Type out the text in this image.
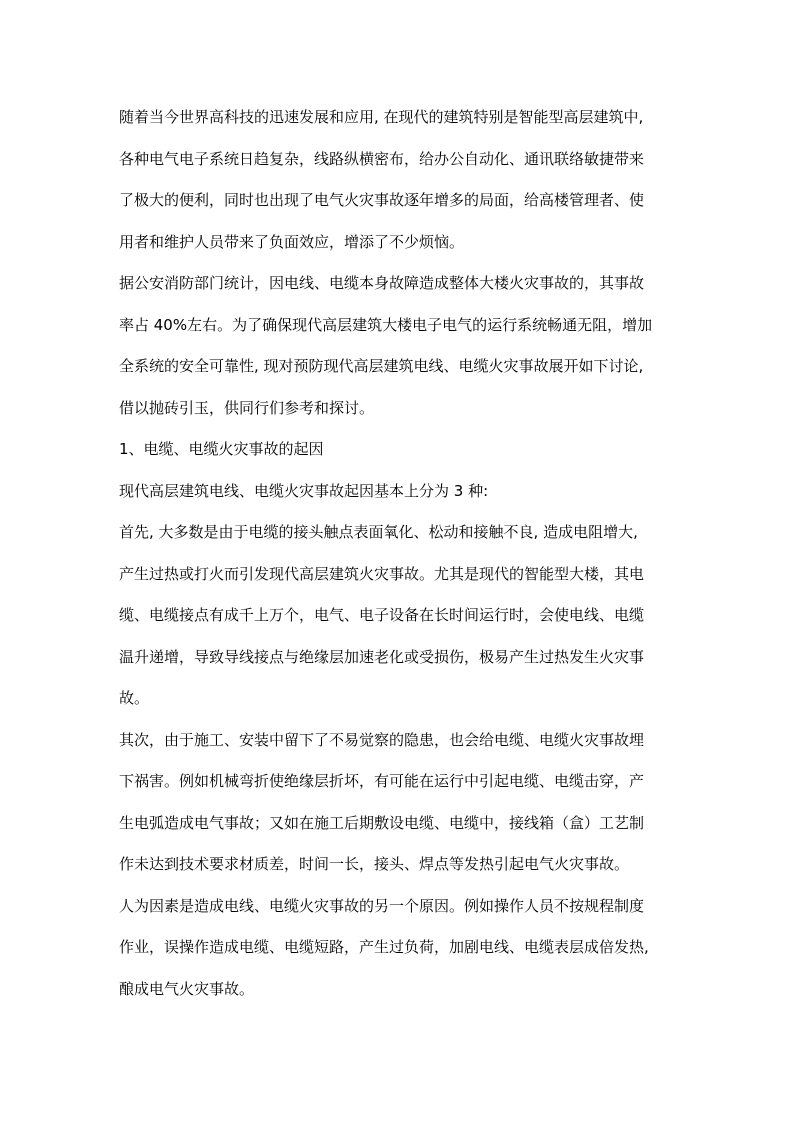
随着当今世界高科技的迅速发展和应用, 在现代的建筑特别是智能型高层建筑中,
各种电气电子系统日趋复杂，线路纵横密布，给办公自动化、通讯联络敏捷带来
了极大的便利，同时也出现了电气火灾事故逐年增多的局面，给高楼管理者、使
用者和维护人员带来了负面效应，增添了不少烦恼。
据公安消防部门统计，因电线、电缆本身故障造成整体大楼火灾事故的，其事故
率占 40%左右。为了确保现代高层建筑大楼电子电气的运行系统畅通无阻，增加
全系统的安全可靠性, 现对预防现代高层建筑电线、电缆火灾事故展开如下讨论,
借以抛砖引玉，供同行们参考和探讨。
1、电缆、电缆火灾事故的起因
现代高层建筑电线、电缆火灾事故起因基本上分为 3 种:
首先, 大多数是由于电缆的接头触点表面氧化、松动和接触不良, 造成电阻增大,
产生过热或打火而引发现代高层建筑火灾事故。尤其是现代的智能型大楼，其电
缆、电缆接点有成千上万个，电气、电子设备在长时间运行时，会使电线、电缆
温升递增，导致导线接点与绝缘层加速老化或受损伤，极易产生过热发生火灾事
故。
其次，由于施工、安装中留下了不易觉察的隐患，也会给电缆、电缆火灾事故埋
下祸害。例如机械弯折使绝缘层折坏，有可能在运行中引起电缆、电缆击穿，产
生电弧造成电气事故；又如在施工后期敷设电缆、电缆中，接线箱（盒）工艺制
作未达到技术要求材质差，时间一长，接头、焊点等发热引起电气火灾事故。
人为因素是造成电线、电缆火灾事故的另一个原因。例如操作人员不按规程制度
作业，误操作造成电缆、电缆短路，产生过负荷，加剧电线、电缆表层成倍发热,
酿成电气火灾事故。
